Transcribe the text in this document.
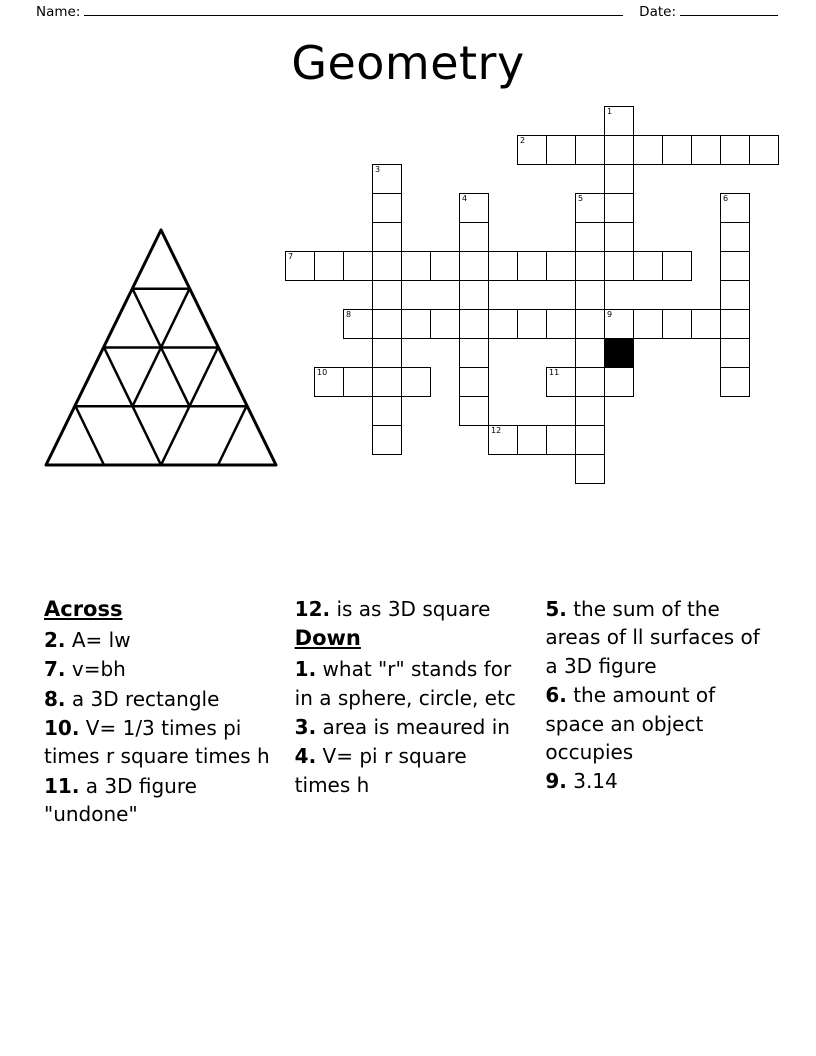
Name:	Date:
Geometry
1
2
3
4	5	6
7
8	9
10	11
12
Across
2. A= lw
7. v=bh
8. a 3D rectangle
10. V= 1/3 times pi times r square times h
11. a 3D figure "undone"
12. is as 3D square
Down
1. what "r" stands for in a sphere, circle, etc
3. area is meaured in
4. V= pi r square times h
5. the sum of the areas of ll surfaces of a 3D figure
6. the amount of space an object occupies
9. 3.14
